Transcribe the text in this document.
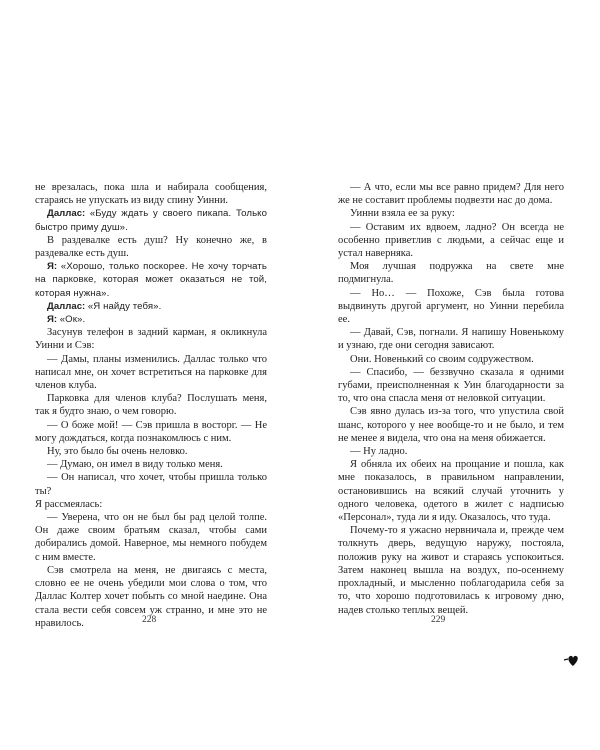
не врезалась, пока шла и набирала сообщения, стараясь не упускать из виду спину Уинни.

Даллас: «Буду ждать у своего пикапа. Только быстро приму душ».

В раздевалке есть душ? Ну конечно же, в раздевалке есть душ.

Я: «Хорошо, только поскорее. Не хочу торчать на парковке, которая может оказаться не той, которая нужна».

Даллас: «Я найду тебя».

Я: «Ок».

Засунув телефон в задний карман, я окликнула Уинни и Сэв:

— Дамы, планы изменились. Даллас только что написал мне, он хочет встретиться на парковке для членов клуба.

Парковка для членов клуба? Послушать меня, так я будто знаю, о чем говорю.

— О боже мой! — Сэв пришла в восторг. — Не могу дождаться, когда познакомлюсь с ним.

Ну, это было бы очень неловко.

— Думаю, он имел в виду только меня.

— Он написал, что хочет, чтобы пришла только ты?

Я рассмеялась:

— Уверена, что он не был бы рад целой толпе. Он даже своим братьям сказал, чтобы сами добирались домой. Наверное, мы немного побудем с ним вместе.

Сэв смотрела на меня, не двигаясь с места, словно ее не очень убедили мои слова о том, что Даллас Колтер хочет побыть со мной наедине. Она стала вести себя совсем уж странно, и мне это не нравилось.	228

— А что, если мы все равно придем? Для него же не составит проблемы подвезти нас до дома.

Уинни взяла ее за руку:

— Оставим их вдвоем, ладно? Он всегда не особенно приветлив с людьми, а сейчас еще и устал наверняка.

Моя лучшая подружка на свете мне подмигнула.

— Но… — Похоже, Сэв была готова выдвинуть другой аргумент, но Уинни перебила ее.

— Давай, Сэв, погнали. Я напишу Новенькому и узнаю, где они сегодня зависают.

Они. Новенький со своим содружеством.

— Спасибо, — беззвучно сказала я одними губами, преисполненная к Уин благодарности за то, что она спасла меня от неловкой ситуации.

Сэв явно дулась из-за того, что упустила свой шанс, которого у нее вообще-то и не было, и тем не менее я видела, что она на меня обижается.

— Ну ладно.

Я обняла их обеих на прощание и пошла, как мне показалось, в правильном направлении, остановившись на всякий случай уточнить у одного человека, одетого в жилет с надписью «Персонал», туда ли я иду. Оказалось, что туда.

Почему-то я ужасно нервничала и, прежде чем толкнуть дверь, ведущую наружу, постояла, положив руку на живот и стараясь успокоиться. Затем наконец вышла на воздух, по-осеннему прохладный, и мысленно поблагодарила себя за то, что хорошо подготовилась к игровому дню, надев столько теплых вещей.

229
